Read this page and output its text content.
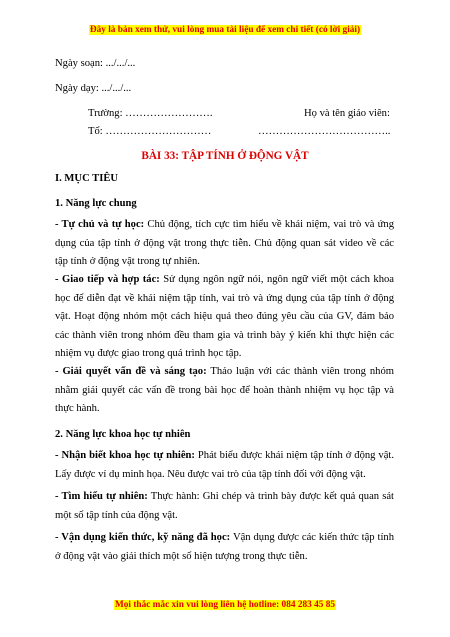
Đây là bản xem thử, vui lòng mua tài liệu để xem chi tiết (có lời giải)
Ngày soạn: .../.../...
Ngày dạy: .../.../...
Trường: …………………….	Họ và tên giáo viên:
Tổ: …………………………	………………………………..
BÀI 33: TẬP TÍNH Ở ĐỘNG VẬT
I. MỤC TIÊU
1. Năng lực chung

- Tự chủ và tự học: Chủ động, tích cực tìm hiểu về khái niệm, vai trò và ứng dụng của tập tính ở động vật trong thực tiễn. Chủ động quan sát video về các tập tính ở động vật trong tự nhiên.

- Giao tiếp và hợp tác: Sử dụng ngôn ngữ nói, ngôn ngữ viết một cách khoa học để diễn đạt về khái niệm tập tính, vai trò và ứng dụng của tập tính ở động vật. Hoạt động nhóm một cách hiệu quả theo đúng yêu cầu của GV, đảm bảo các thành viên trong nhóm đều tham gia và trình bày ý kiến khi thực hiện các nhiệm vụ được giao trong quá trình học tập.

- Giải quyết vấn đề và sáng tạo: Thảo luận với các thành viên trong nhóm nhằm giải quyết các vấn đề trong bài học để hoàn thành nhiệm vụ học tập và thực hành.

2. Năng lực khoa học tự nhiên

- Nhận biết khoa học tự nhiên: Phát biểu được khái niệm tập tính ở động vật. Lấy được ví dụ minh họa. Nêu được vai trò của tập tính đối với động vật.

- Tìm hiểu tự nhiên: Thực hành: Ghi chép và trình bày được kết quả quan sát một số tập tính của động vật.

- Vận dụng kiến thức, kỹ năng đã học: Vận dụng được các kiến thức tập tính ở động vật vào giải thích một số hiện tượng trong thực tiễn.

Mọi thắc mắc xin vui lòng liên hệ hotline: 084 283 45 85
